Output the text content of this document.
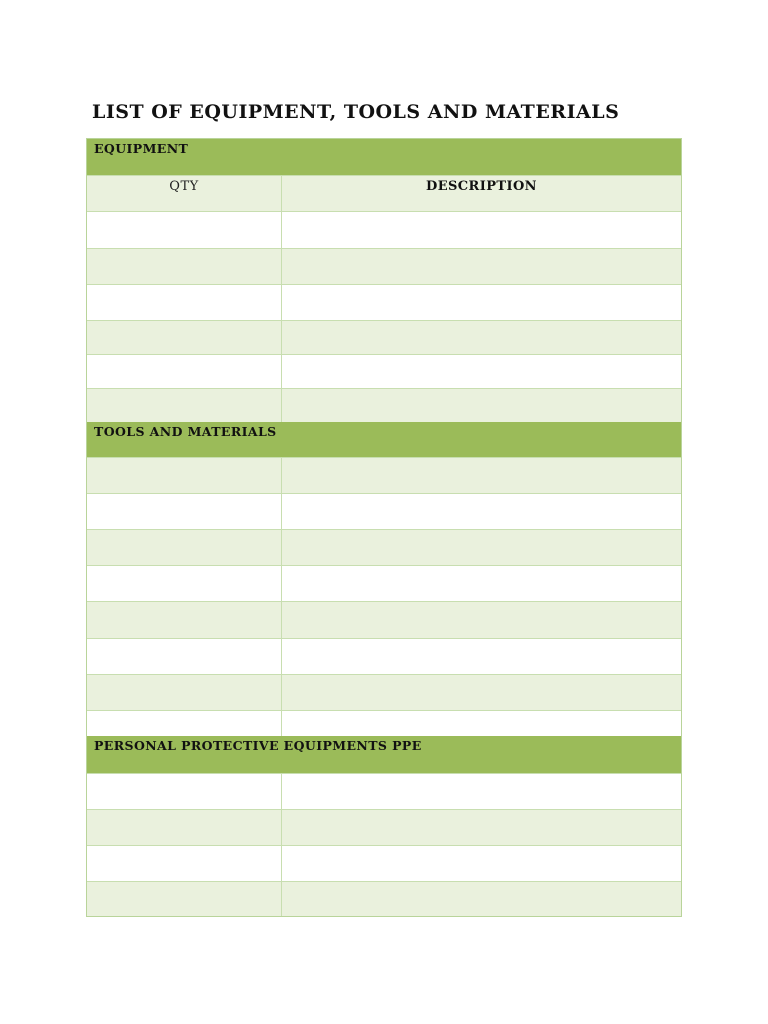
LIST OF EQUIPMENT, TOOLS AND MATERIALS
EQUIPMENT
QTY	DESCRIPTION
TOOLS AND MATERIALS
PERSONAL PROTECTIVE EQUIPMENTS PPE
